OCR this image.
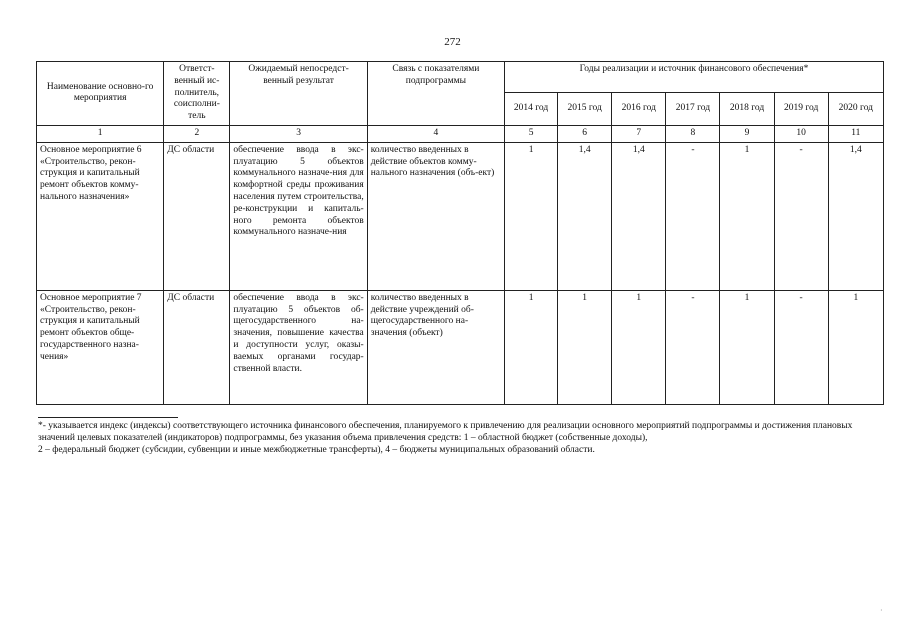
272
Наименование основно-го мероприятия	Ответст-венный ис-полнитель, соисполни-тель	Ожидаемый непосредст-венный результат	Связь с показателями подпрограммы	Годы реализации и источник финансового обеспечения*						
				2014 год	2015 год	2016 год	2017 год	2018 год	2019 год	2020 год
1	2	3	4	5	6	7	8	9	10	11
Основное мероприятие 6 «Строительство, рекон-струкция и капитальный ремонт объектов комму-нального назначения»	ДС области	обеспечение ввода в экс-плуатацию 5 объектов коммунального назначе-ния для комфортной среды проживания населения путем строительства, ре-конструкции и капиталь-ного ремонта объектов коммунального назначе-ния	количество введенных в действие объектов комму-нального назначения (объ-ект)	1	1,4	1,4	-	1	-	1,4
Основное мероприятие 7 «Строительство, рекон-струкция и капитальный ремонт объектов обще-государственного назна-чения»	ДС области	обеспечение ввода в экс-плуатацию 5 объектов об-щегосударственного на-значения, повышение качества и доступности услуг, оказы-ваемых органами государ-ственной власти.	количество введенных в действие учреждений об-щегосударственного на-значения (объект)	1	1	1	-	1	-	1

*- указывается индекс (индексы) соответствующего источника финансового обеспечения, планируемого к привлечению для реализации основного мероприятий подпрограммы и достижения плановых значений целевых показателей (индикаторов) подпрограммы, без указания объема привлечения средств: 1 – областной бюджет (собственные доходы),

2 – федеральный бюджет (субсидии, субвенции и иные межбюджетные трансферты), 4 – бюджеты муниципальных образований области.

·
